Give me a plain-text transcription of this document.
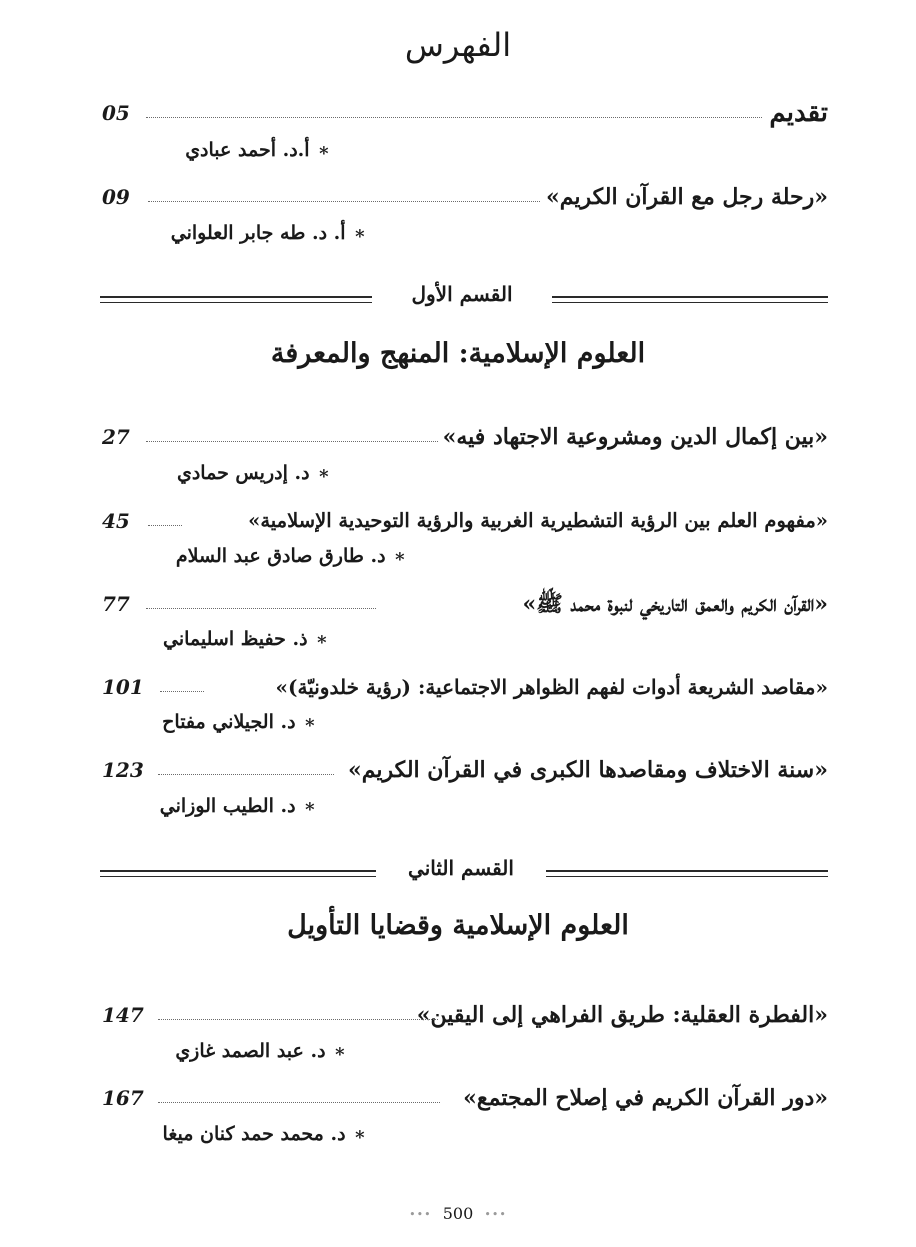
الفهرس
تقديم
05
∗أ.د. أحمد عبادي
«رحلة رجل مع القرآن الكريم»
09
∗أ. د. طه جابر العلواني
القسم الأول
العلوم الإسلامية: المنهج والمعرفة
«بين إكمال الدين ومشروعية الاجتهاد فيه»
27
∗د. إدريس حمادي
«مفهوم العلم بين الرؤية التشطيرية الغربية والرؤية التوحيدية الإسلامية»
45
∗د. طارق صادق عبد السلام
«القرآن الكريم والعمق التاريخي لنبوة محمد ﷺ»
77
∗ذ. حفيظ اسليماني
«مقاصد الشريعة أدوات لفهم الظواهر الاجتماعية: (رؤية خلدونيّة)»
101
∗د. الجيلاني مفتاح
«سنة الاختلاف ومقاصدها الكبرى في القرآن الكريم»
123
∗د. الطيب الوزاني
القسم الثاني
العلوم الإسلامية وقضايا التأويل
«الفطرة العقلية: طريق الفراهي إلى اليقين»
147
∗د. عبد الصمد غازي
«دور القرآن الكريم في إصلاح المجتمع»
167
∗د. محمد حمد كنان ميغا
••• 500 •••
